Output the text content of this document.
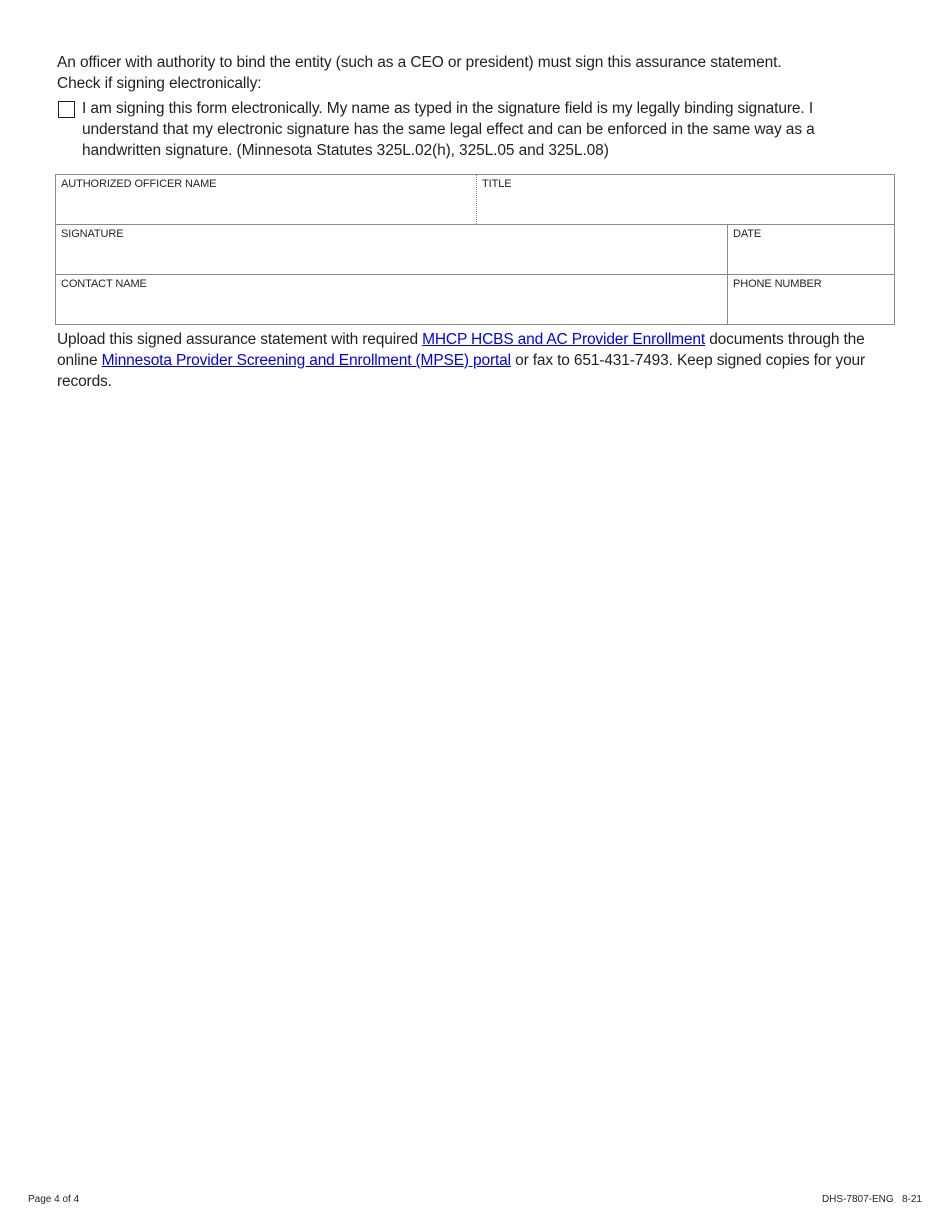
An officer with authority to bind the entity (such as a CEO or president) must sign this assurance statement.

Check if signing electronically:

I am signing this form electronically. My name as typed in the signature field is my legally binding signature. I understand that my electronic signature has the same legal effect and can be enforced in the same way as a handwritten signature. (Minnesota Statutes 325L.02(h), 325L.05 and 325L.08)
AUTHORIZED OFFICER NAME	TITLE
SIGNATURE	DATE
CONTACT NAME	PHONE NUMBER

Upload this signed assurance statement with required MHCP HCBS and AC Provider Enrollment documents through the online Minnesota Provider Screening and Enrollment (MPSE) portal or fax to 651-431-7493. Keep signed copies for your records.

Page 4 of 4	DHS-7807-ENG   8-21
